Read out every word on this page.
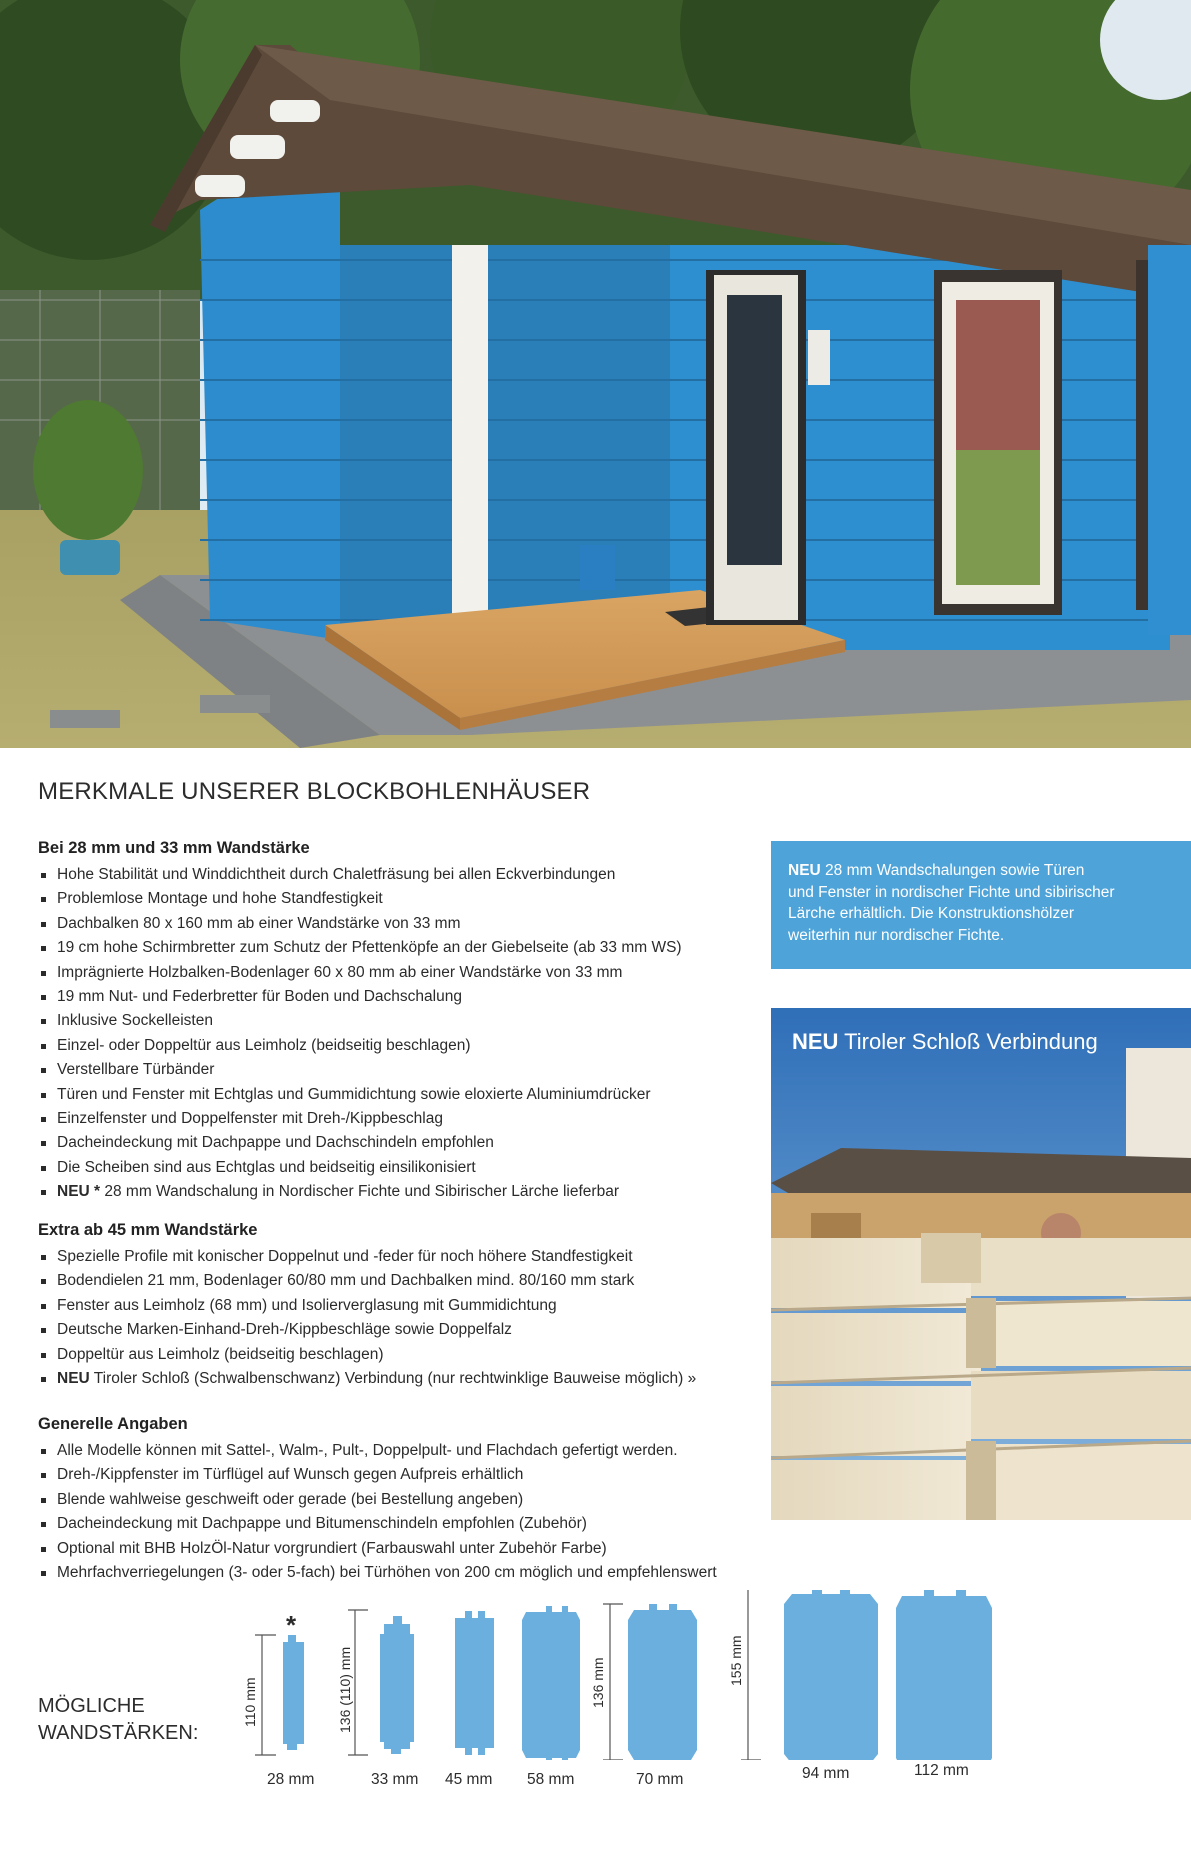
MERKMALE UNSERER BLOCKBOHLENHÄUSER
Bei 28 mm und 33 mm Wandstärke
Hohe Stabilität und Winddichtheit durch Chaletfräsung bei allen Eckverbindungen
Problemlose Montage und hohe Standfestigkeit
Dachbalken 80 x 160 mm ab einer Wandstärke von 33 mm
19 cm hohe Schirmbretter zum Schutz der Pfettenköpfe an der Giebelseite (ab 33 mm WS)
Imprägnierte Holzbalken-Bodenlager 60 x 80 mm ab einer Wandstärke von 33 mm
19 mm Nut- und Federbretter für Boden und Dachschalung
Inklusive Sockelleisten
Einzel- oder Doppeltür aus Leimholz (beidseitig beschlagen)
Verstellbare Türbänder
Türen und Fenster mit Echtglas und Gummidichtung sowie eloxierte Aluminiumdrücker
Einzelfenster und Doppelfenster mit Dreh-/Kippbeschlag
Dacheindeckung mit Dachpappe und Dachschindeln empfohlen
Die Scheiben sind aus Echtglas und beidseitig einsilikonisiert
NEU * 28 mm Wandschalung in Nordischer Fichte und Sibirischer Lärche lieferbar
Extra ab 45 mm Wandstärke
Spezielle Profile mit konischer Doppelnut und -feder für noch höhere Standfestigkeit
Bodendielen 21 mm, Bodenlager 60/80 mm und Dachbalken mind. 80/160 mm stark
Fenster aus Leimholz (68 mm) und Isolierverglasung mit Gummidichtung
Deutsche Marken-Einhand-Dreh-/Kippbeschläge sowie Doppelfalz
Doppeltür aus Leimholz (beidseitig beschlagen)
NEU Tiroler Schloß (Schwalbenschwanz) Verbindung (nur rechtwinklige Bauweise möglich) »
Generelle Angaben
Alle Modelle können mit Sattel-, Walm-, Pult-, Doppelpult- und Flachdach gefertigt werden.
Dreh-/Kippfenster im Türflügel auf Wunsch gegen Aufpreis erhältlich
Blende wahlweise geschweift oder gerade (bei Bestellung angeben)
Dacheindeckung mit Dachpappe und Bitumenschindeln empfohlen (Zubehör)
Optional mit BHB HolzÖl-Natur vorgrundiert (Farbauswahl unter Zubehör Farbe)
Mehrfachverriegelungen (3- oder 5-fach) bei Türhöhen von 200 cm möglich und empfehlenswert
NEU 28 mm Wandschalungen sowie Türen
und Fenster in nordischer Fichte und sibirischer
Lärche erhältlich. Die Konstruktionshölzer
weiterhin nur nordischer Fichte.
NEU Tiroler Schloß Verbindung
MÖGLICHE
WANDSTÄRKEN:
*
110 mm	136 (110) mm	136 mm	155 mm
28 mm	33 mm 45 mm 58 mm	70 mm	94 mm	112 mm
